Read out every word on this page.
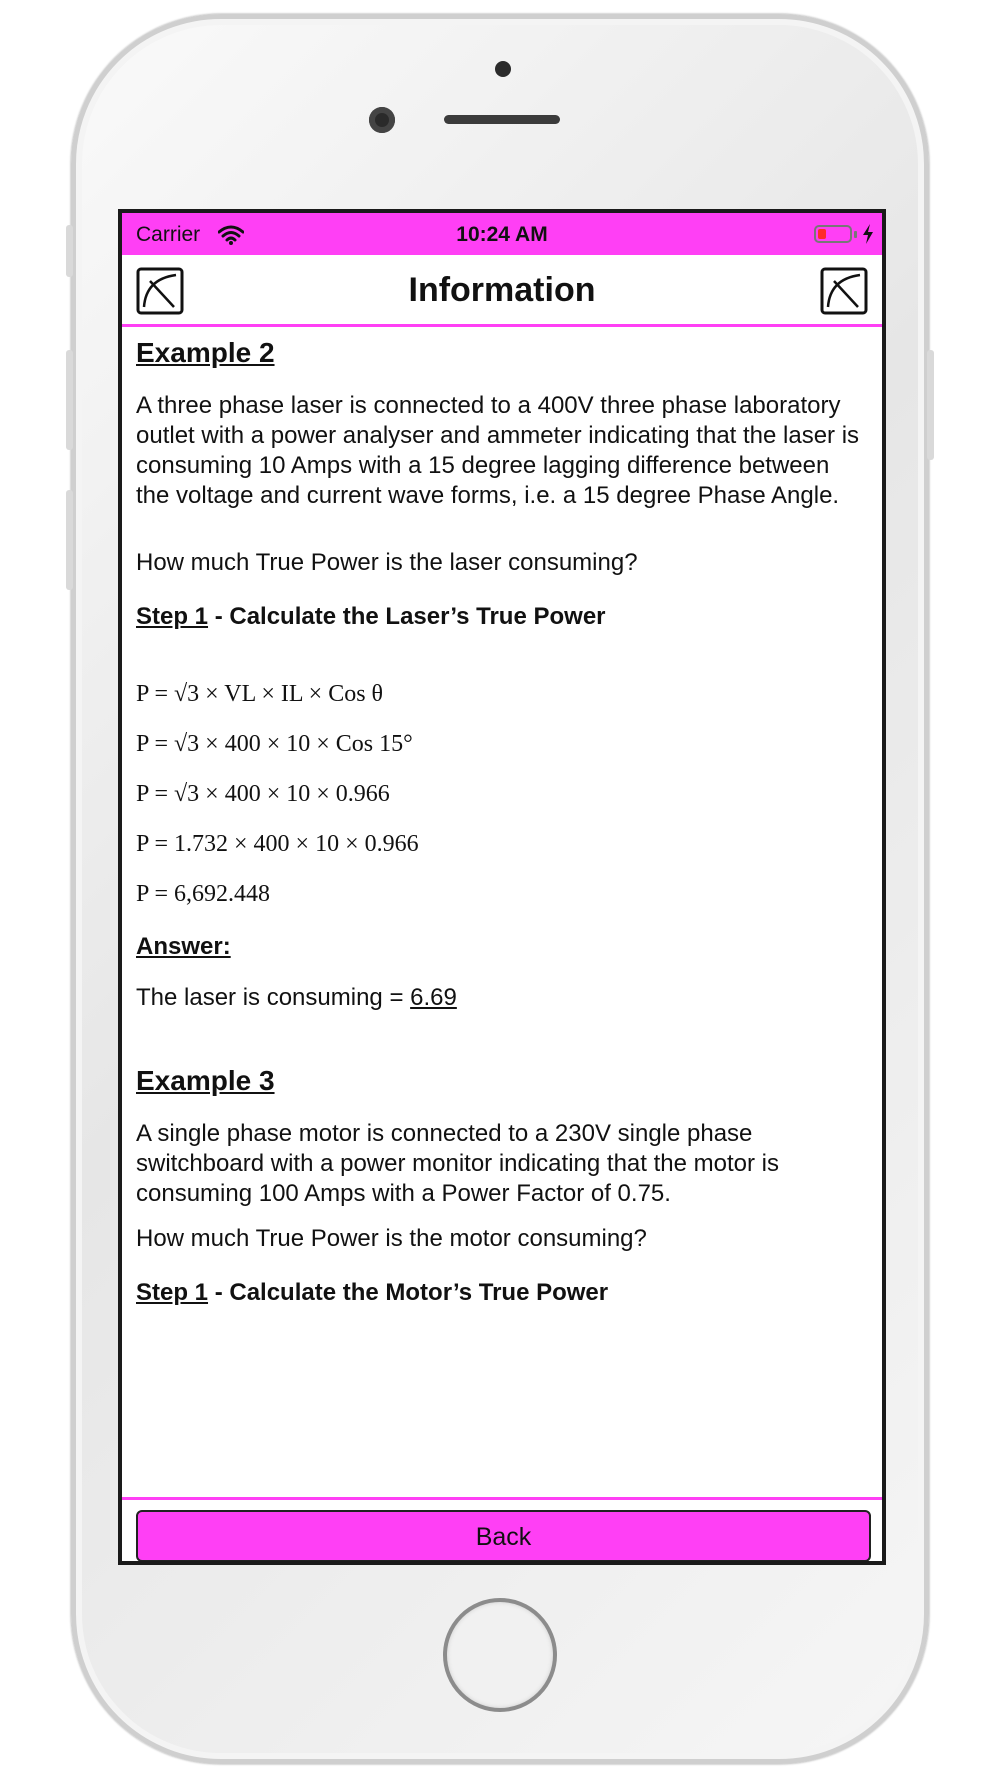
Carrier	10:24 AM
Information
Example 2

A three phase laser is connected to a 400V three phase laboratory outlet with a power analyser and ammeter indicating that the laser is consuming 10 Amps with a 15 degree lagging difference between the voltage and current wave forms, i.e. a 15 degree Phase Angle.

How much True Power is the laser consuming?

Step 1 - Calculate the Laser’s True Power
P = √3 × VL × IL × Cos θ
P = √3 × 400 × 10 × Cos 15°
P = √3 × 400 × 10 × 0.966
P = 1.732 × 400 × 10 × 0.966
P = 6,692.448
Answer:
The laser is consuming = 6.69
Example 3

A single phase motor is connected to a 230V single phase switchboard with a power monitor indicating that the motor is consuming 100 Amps with a Power Factor of 0.75.

How much True Power is the motor consuming?

Step 1 - Calculate the Motor’s True Power
Back
